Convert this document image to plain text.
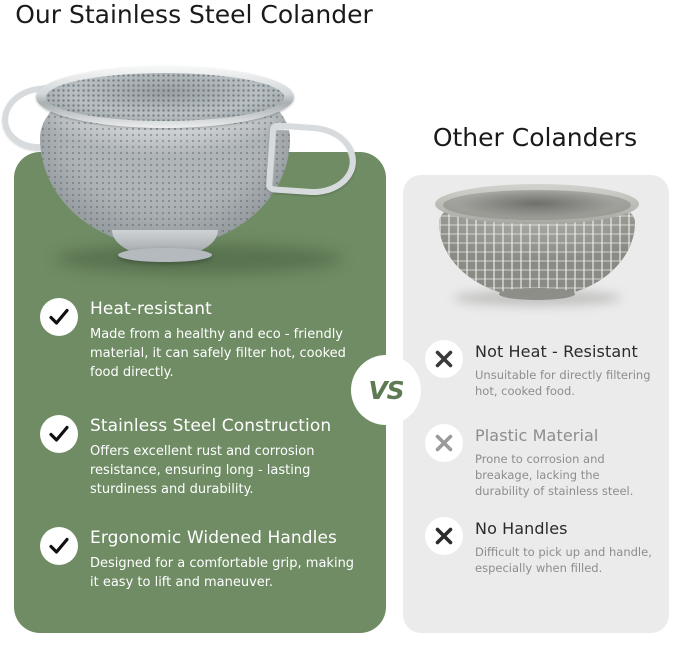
Our Stainless Steel Colander
Other Colanders

Heat-resistant

Made from a healthy and eco - friendly material, it can safely filter hot, cooked food directly.

Stainless Steel Construction

Offers excellent rust and corrosion resistance, ensuring long - lasting sturdiness and durability.

Ergonomic Widened Handles

Designed for a comfortable grip, making it easy to lift and maneuver.

Not Heat - Resistant

Unsuitable for directly filtering hot, cooked food.

Plastic Material

Prone to corrosion and breakage, lacking the durability of stainless steel.

No Handles

Difficult to pick up and handle, especially when filled.

VS
